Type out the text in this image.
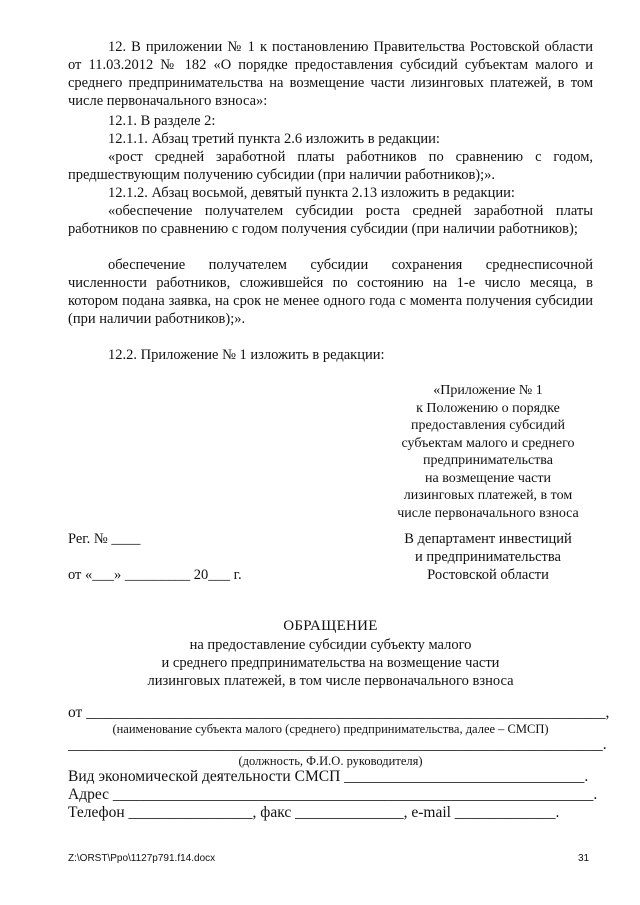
12. В приложении № 1 к постановлению Правительства Ростовской области от 11.03.2012 № 182 «О порядке предоставления субсидий субъектам малого и среднего предпринимательства на возмещение части лизинговых платежей, в том числе первоначального взноса»:

12.1. В разделе 2:

12.1.1. Абзац третий пункта 2.6 изложить в редакции:

«рост средней заработной платы работников по сравнению с годом, предшествующим получению субсидии (при наличии работников);».

12.1.2. Абзац восьмой, девятый пункта 2.13 изложить в редакции:

«обеспечение получателем субсидии роста средней заработной платы работников по сравнению с годом получения субсидии (при наличии работников);

обеспечение получателем субсидии сохранения среднесписочной численности работников, сложившейся по состоянию на 1-е число месяца, в котором подана заявка, на срок не менее одного года с момента получения субсидии (при наличии работников);».

12.2. Приложение № 1 изложить в редакции:

«Приложение № 1
к Положению о порядке
предоставления субсидий
субъектам малого и среднего
предпринимательства
на возмещение части
лизинговых платежей, в том
числе первоначального взноса
Рег. № ____
от «___» _________ 20___ г.
В департамент инвестиций
и предпринимательства
Ростовской области
ОБРАЩЕНИЕ
на предоставление субсидии субъекту малого
и среднего предпринимательства на возмещение части
лизинговых платежей, в том числе первоначального взноса
от ___________________________________________________________________,
(наименование субъекта малого (среднего) предпринимательства, далее – СМСП)
_____________________________________________________________________.
(должность, Ф.И.О. руководителя)
Вид экономической деятельности СМСП _______________________________.
Адрес ______________________________________________________________.
Телефон ________________, факс ______________, e-mail _____________.
Z:\ORST\Ppo\1127p791.f14.docx	31
